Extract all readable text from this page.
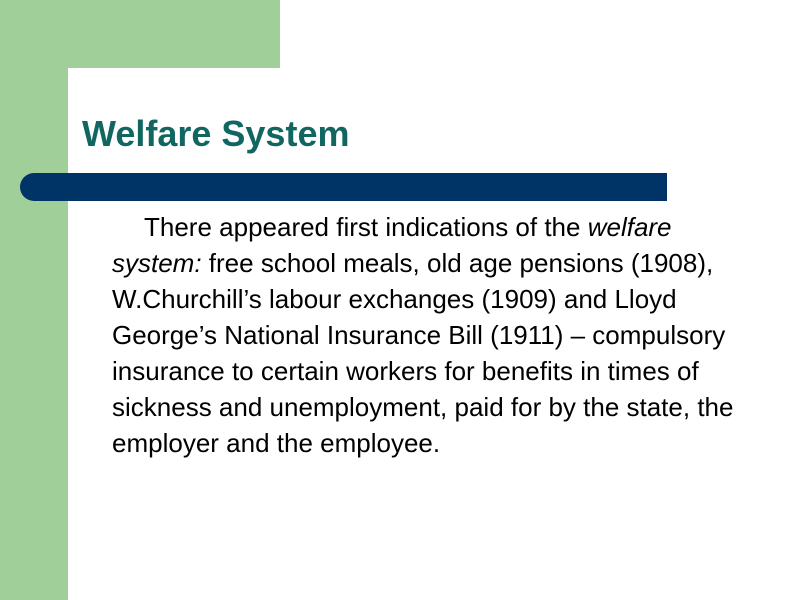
Welfare System

There appeared first indications of the welfare system: free school meals, old age pensions (1908), W.Churchill’s labour exchanges (1909) and Lloyd George’s National Insurance Bill (1911) – compulsory insurance to certain workers for benefits in times of sickness and unemployment, paid for by the state, the employer and the employee.
